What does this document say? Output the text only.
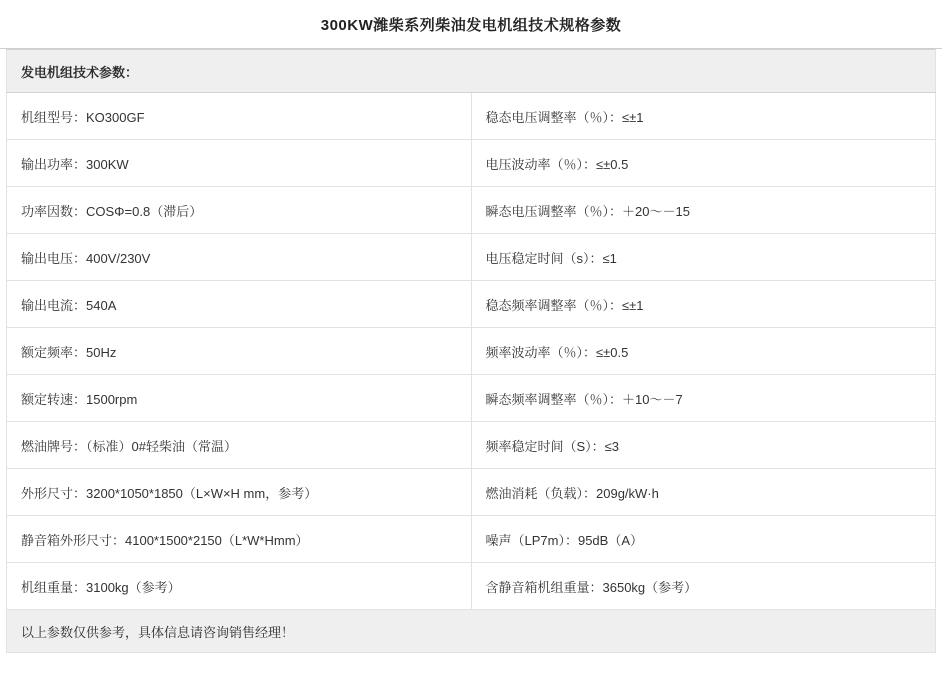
300KW潍柴系列柴油发电机组技术规格参数
发电机组技术参数：	
机组型号：KO300GF	稳态电压调整率（％）：≤±1
输出功率：300KW	电压波动率（％）：≤±0.5
功率因数：COSΦ=0.8（滞后）	瞬态电压调整率（％）：＋20～－15
输出电压：400V/230V	电压稳定时间（s）：≤1
输出电流：540A	稳态频率调整率（％）：≤±1
额定频率：50Hz	频率波动率（％）：≤±0.5
额定转速：1500rpm	瞬态频率调整率（％）：＋10～－7
燃油牌号：（标准）0#轻柴油（常温）	频率稳定时间（S）：≤3
外形尺寸：3200*1050*1850（L×W×H mm，参考）	燃油消耗（负载）：209g/kW·h
静音箱外形尺寸：4100*1500*2150（L*W*Hmm）	噪声（LP7m）：95dB（A）
机组重量：3100kg（参考）	含静音箱机组重量：3650kg（参考）
以上参数仅供参考，具体信息请咨询销售经理！	
